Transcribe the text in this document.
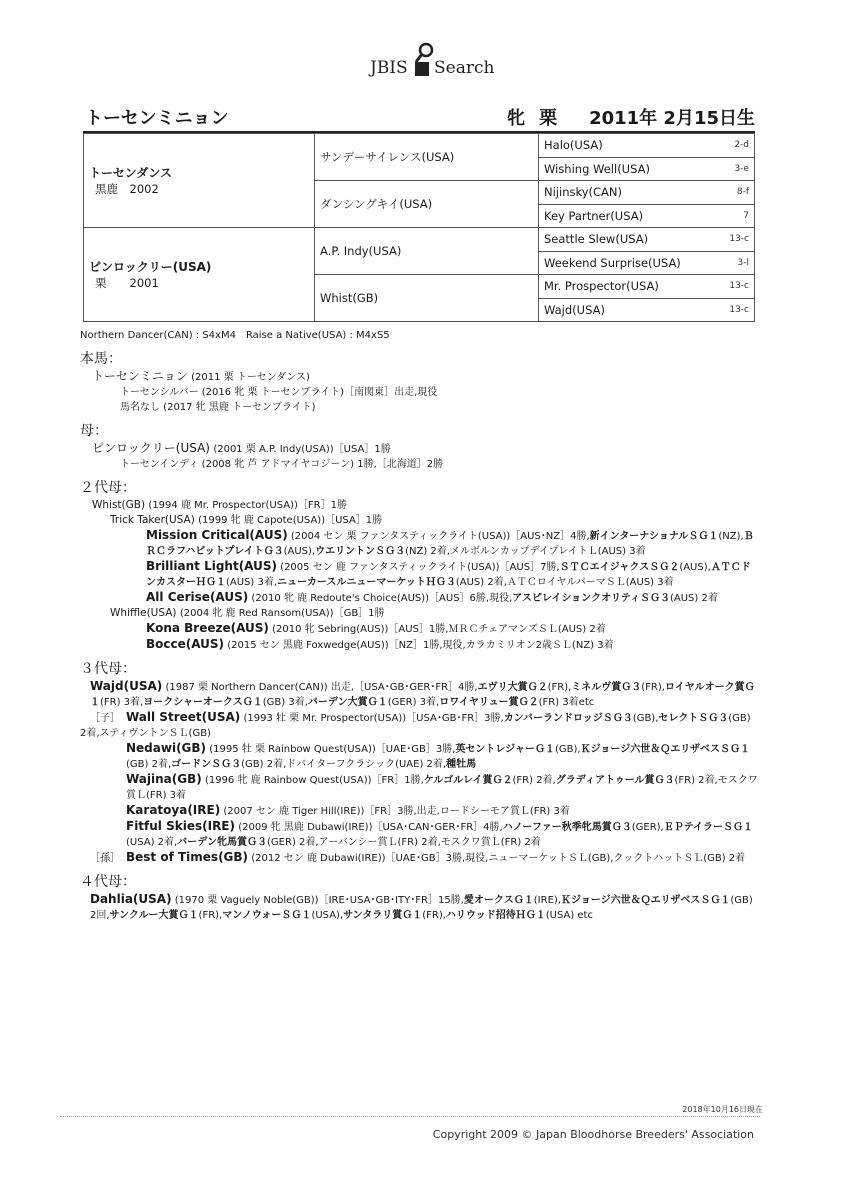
JBIS Search
トーセンミニョン	牝 栗 2011年 2月15日生
トーセンダンス
黒鹿　2002	サンデーサイレンス(USA)	Halo(USA) 2-d

		Wishing Well(USA) 3-e

	ダンシングキイ(USA)	Nijinsky(CAN) 8-f

		Key Partner(USA) 7

ピンロックリー(USA)
栗　　2001	A.P. Indy(USA)	Seattle Slew(USA) 13-c

		Weekend Surprise(USA) 3-l

	Whist(GB)	Mr. Prospector(USA) 13-c

		Wajd(USA) 13-c
Northern Dancer(CAN) : S4xM4　Raise a Native(USA) : M4xS5
本馬：
トーセンミニョン (2011 栗 トーセンダンス)
トーセンシルバー (2016 牝 栗 トーセンブライト)［南関東］出走,現役
馬名なし (2017 牝 黒鹿 トーセンブライト)
母：
ピンロックリー(USA) (2001 栗 A.P. Indy(USA))［USA］1勝
トーセンインディ (2008 牝 芦 アドマイヤコジーン) 1勝,［北海道］2勝
２代母：
Whist(GB) (1994 鹿 Mr. Prospector(USA))［FR］1勝
Trick Taker(USA) (1999 牝 鹿 Capote(USA))［USA］1勝
Mission Critical(AUS) (2004 セン 栗 ファンタスティックライト(USA))［AUS･NZ］4勝,新インターナショナルＳＧ１(NZ),ＢＲＣラフハビットプレイトＧ３(AUS),ウエリントンＳＧ３(NZ) 2着,メルボルンカップデイプレイトＬ(AUS) 3着
Brilliant Light(AUS) (2005 セン 鹿 ファンタスティックライト(USA))［AUS］7勝,ＳＴＣエイジャクスＳＧ２(AUS),ＡＴＣドンカスターＨＧ１(AUS) 3着,ニューカースルニューマーケットＨＧ３(AUS) 2着,ＡＴＣロイヤルパーマＳＬ(AUS) 3着
All Cerise(AUS) (2010 牝 鹿 Redoute's Choice(AUS))［AUS］6勝,現役,アスピレイションクオリティＳＧ３(AUS) 2着
Whiffle(USA) (2004 牝 鹿 Red Ransom(USA))［GB］1勝
Kona Breeze(AUS) (2010 牝 Sebring(AUS))［AUS］1勝,ＭＲＣチェアマンズＳＬ(AUS) 2着
Bocce(AUS) (2015 セン 黒鹿 Foxwedge(AUS))［NZ］1勝,現役,カラカミリオン2歳ＳＬ(NZ) 3着
３代母：
Wajd(USA) (1987 栗 Northern Dancer(CAN)) 出走,［USA･GB･GER･FR］4勝,エヴリ大賞Ｇ２(FR),ミネルヴ賞Ｇ３(FR),ロイヤルオーク賞Ｇ１(FR) 3着,ヨークシャーオークスＧ１(GB) 3着,バーデン大賞Ｇ１(GER) 3着,ロワイヤリュー賞Ｇ２(FR) 3着etc
［子］ Wall Street(USA) (1993 牡 栗 Mr. Prospector(USA))［USA･GB･FR］3勝,カンバーランドロッジＳＧ３(GB),セレクトＳＧ３(GB) 2着,スティヴントンＳＬ(GB)
Nedawi(GB) (1995 牡 栗 Rainbow Quest(USA))［UAE･GB］3勝,英セントレジャーＧ１(GB),Ｋジョージ六世＆ＱエリザベスＳＧ１(GB) 2着,ゴードンＳＧ３(GB) 2着,ドバイターフクラシック(UAE) 2着,種牡馬
Wajina(GB) (1996 牝 鹿 Rainbow Quest(USA))［FR］1勝,ケルゴルレイ賞Ｇ２(FR) 2着,グラディアトゥール賞Ｇ３(FR) 2着,モスクワ賞Ｌ(FR) 3着
Karatoya(IRE) (2007 セン 鹿 Tiger Hill(IRE))［FR］3勝,出走,ロードシーモア賞Ｌ(FR) 3着
Fitful Skies(IRE) (2009 牝 黒鹿 Dubawi(IRE))［USA･CAN･GER･FR］4勝,ハノーファー秋季牝馬賞Ｇ３(GER),ＥＰテイラーＳＧ１(USA) 2着,バーデン牝馬賞Ｇ３(GER) 2着,アーバンシー賞Ｌ(FR) 2着,モスクワ賞Ｌ(FR) 2着
［孫］ Best of Times(GB) (2012 セン 鹿 Dubawi(IRE))［UAE･GB］3勝,現役,ニューマーケットＳＬ(GB),クックトハットＳＬ(GB) 2着
４代母：
Dahlia(USA) (1970 栗 Vaguely Noble(GB))［IRE･USA･GB･ITY･FR］15勝,愛オークスＧ１(IRE),Ｋジョージ六世＆ＱエリザベスＳＧ１(GB) 2回,サンクルー大賞Ｇ１(FR),マンノウォーＳＧ１(USA),サンタラリ賞Ｇ１(FR),ハリウッド招待ＨＧ１(USA) etc
2018年10月16日現在
Copyright 2009 © Japan Bloodhorse Breeders' Association
